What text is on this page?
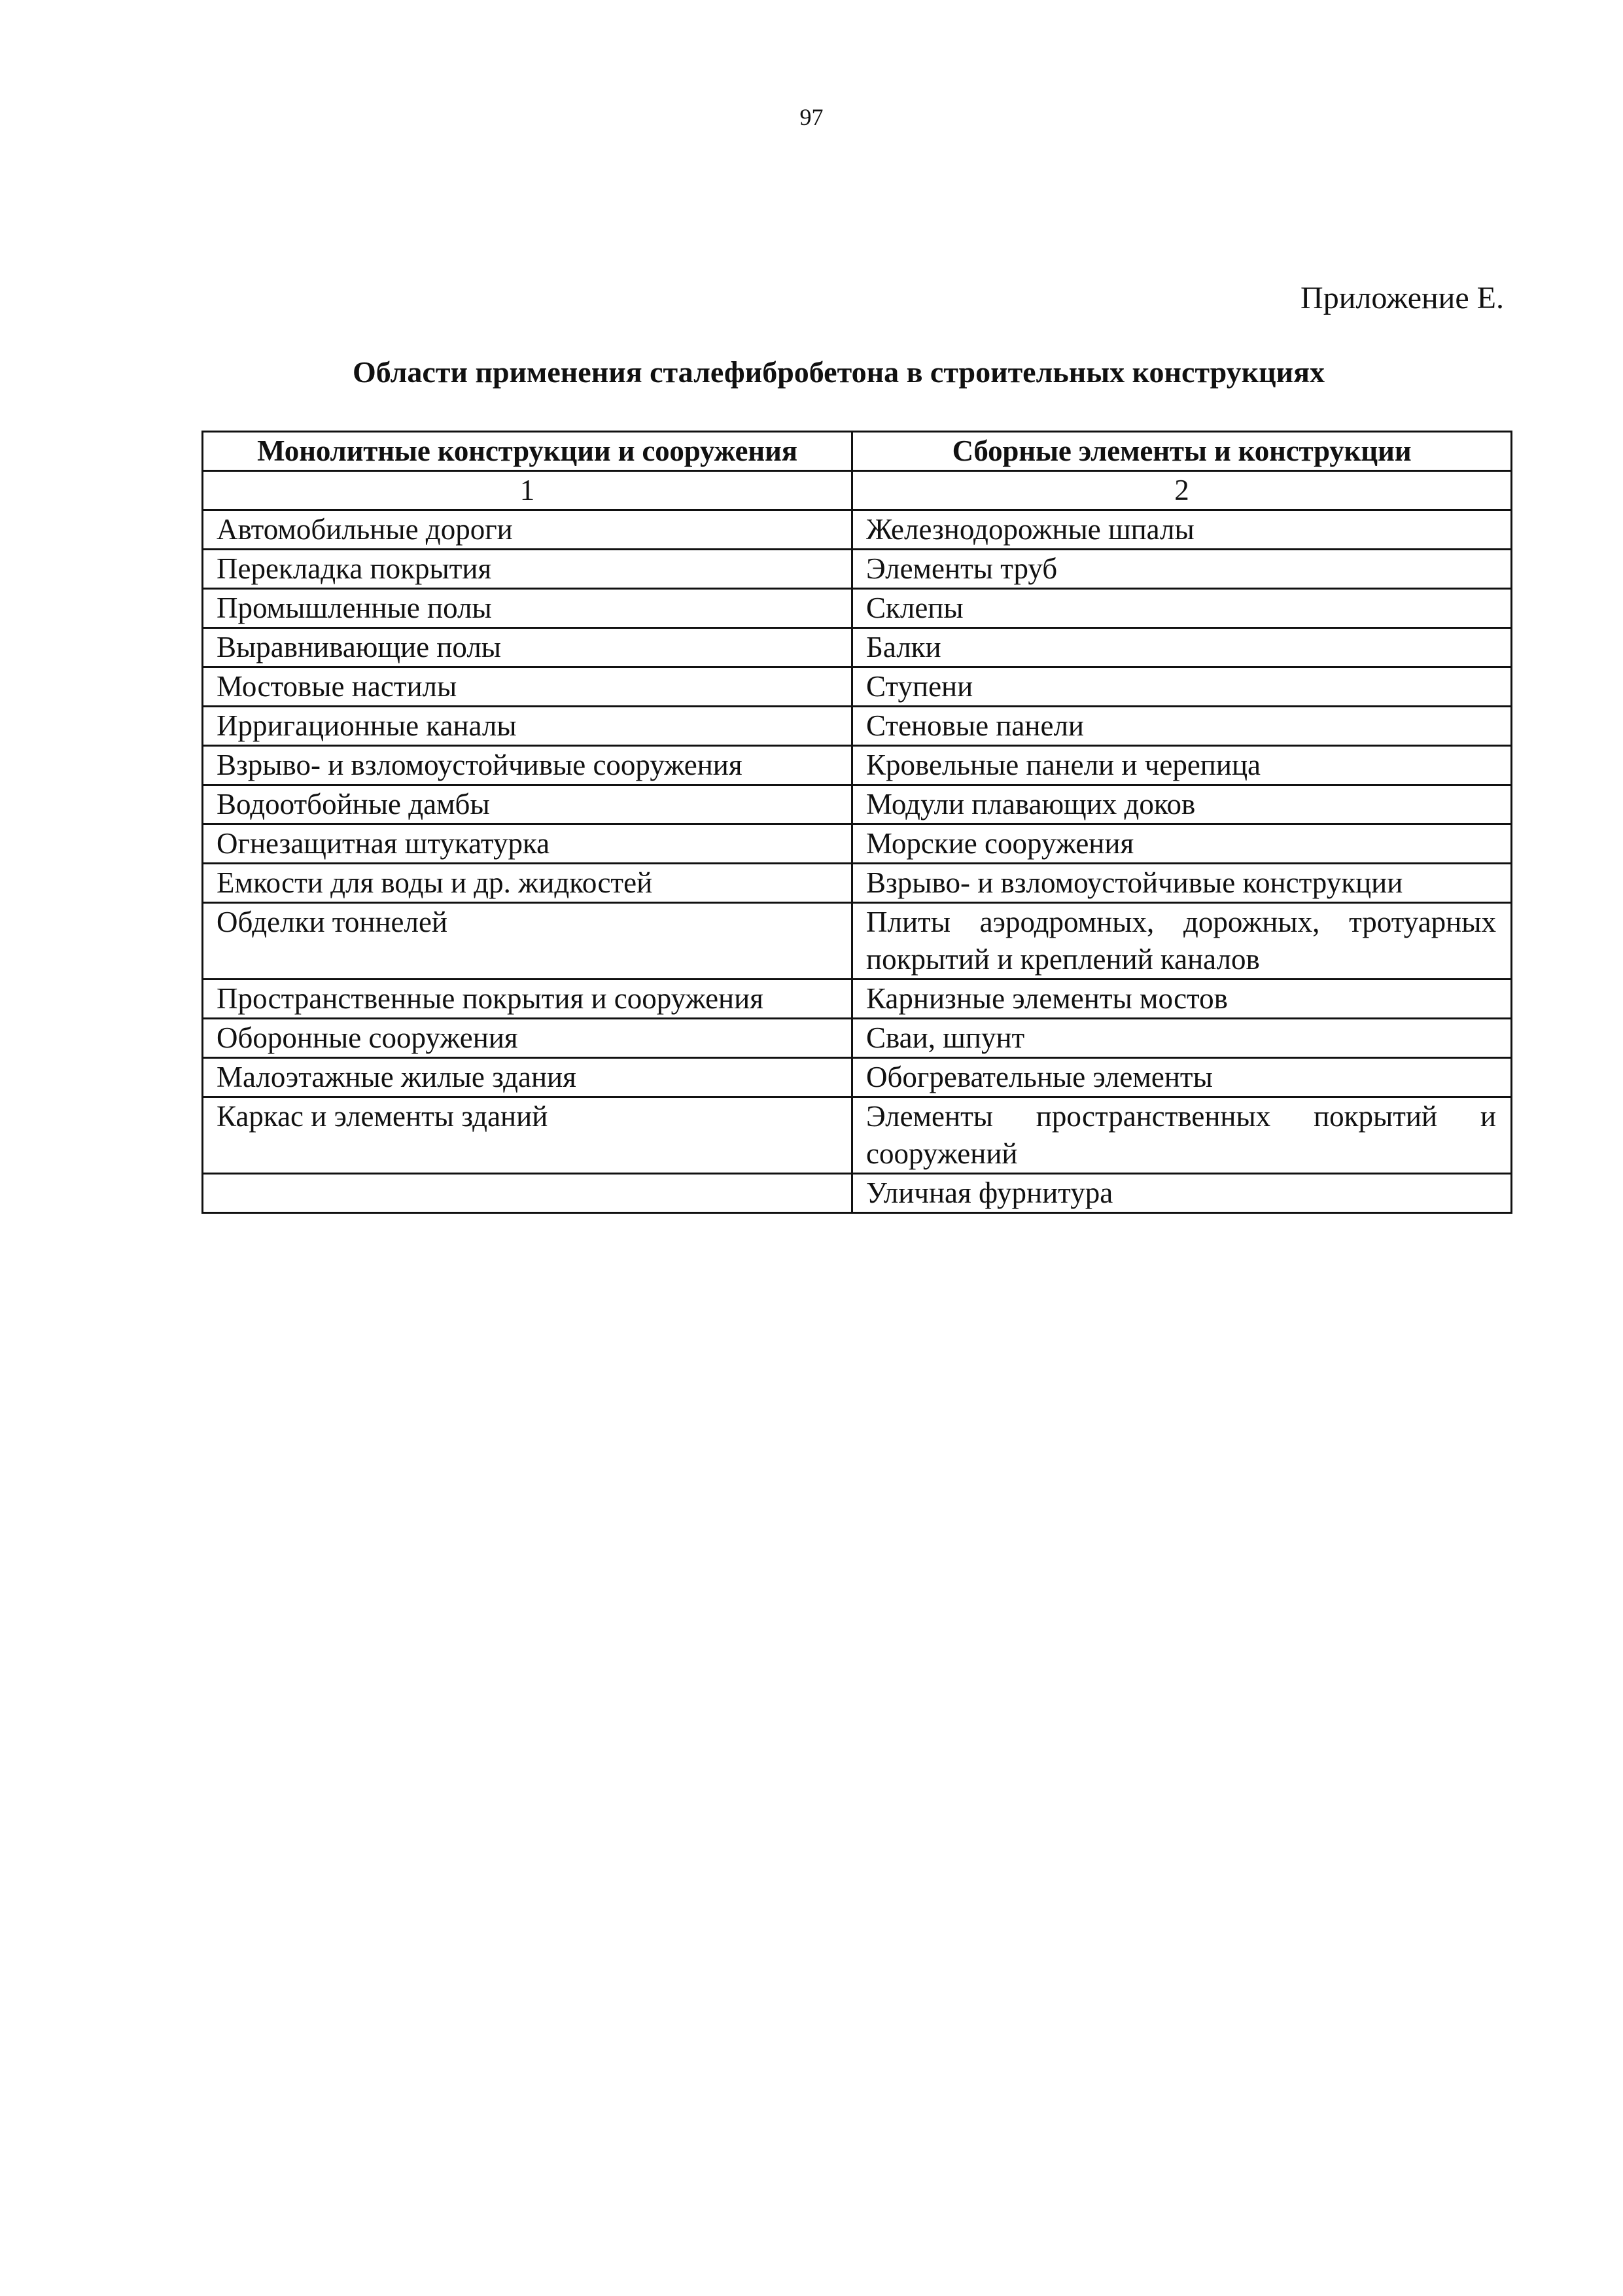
97
Приложение Е.
Области применения сталефибробетона в строительных конструкциях
Монолитные конструкции и сооружения	Сборные элементы и конструкции
1	2
Автомобильные дороги	Железнодорожные шпалы
Перекладка покрытия	Элементы труб
Промышленные полы	Склепы
Выравнивающие полы	Балки
Мостовые настилы	Ступени
Ирригационные каналы	Стеновые панели
Взрыво- и взломоустойчивые сооружения	Кровельные панели и черепица
Водоотбойные дамбы	Модули плавающих доков
Огнезащитная штукатурка	Морские сооружения
Емкости для воды и др. жидкостей	Взрыво- и взломоустойчивые конструкции
Обделки тоннелей	Плиты аэродромных, дорожных, тротуарных покрытий и креплений каналов
Пространственные покрытия и сооружения	Карнизные элементы мостов
Оборонные сооружения	Сваи, шпунт
Малоэтажные жилые здания	Обогревательные элементы
Каркас и элементы зданий	Элементы пространственных покрытий и сооружений
	Уличная фурнитура
